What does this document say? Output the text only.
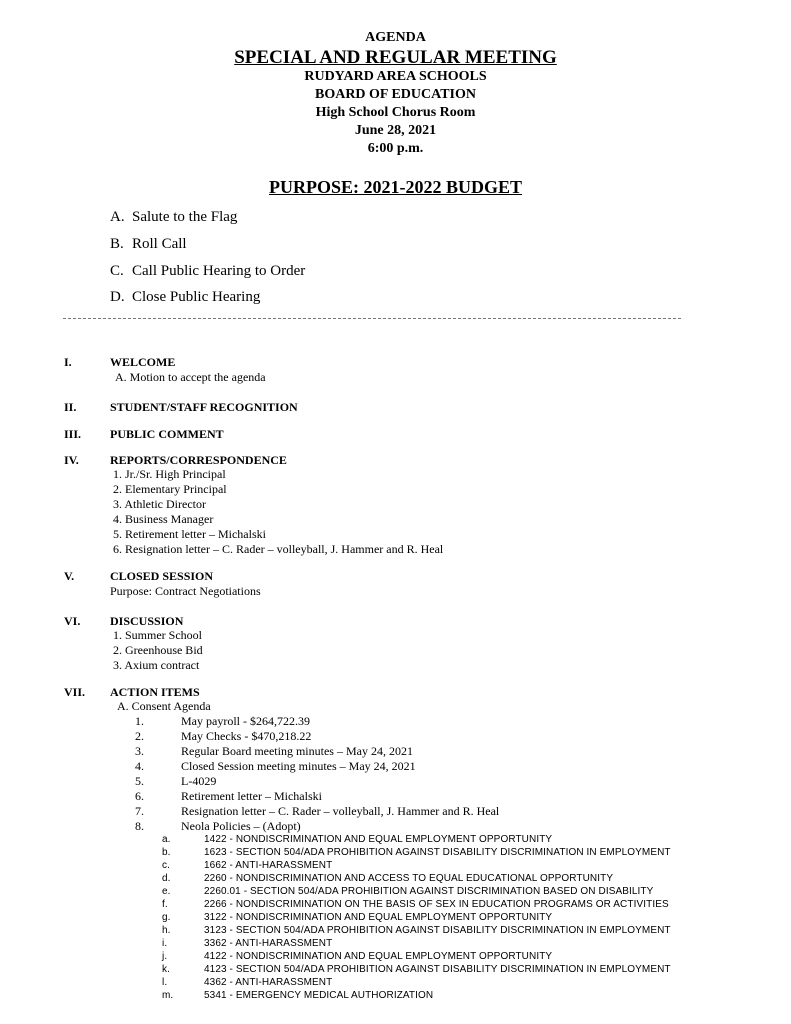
AGENDA
SPECIAL AND REGULAR MEETING
RUDYARD AREA SCHOOLS
BOARD OF EDUCATION
High School Chorus Room
June 28, 2021
6:00 p.m.
PURPOSE: 2021-2022 BUDGET
A. Salute to the Flag
B. Roll Call
C. Call Public Hearing to Order
D. Close Public Hearing
I.	WELCOME
A. Motion to accept the agenda
II.	STUDENT/STAFF RECOGNITION
III. PUBLIC COMMENT
IV.	REPORTS/CORRESPONDENCE
1. Jr./Sr. High Principal
2. Elementary Principal
3. Athletic Director
4. Business Manager
5. Retirement letter – Michalski
6. Resignation letter – C. Rader – volleyball, J. Hammer and R. Heal
V.	CLOSED SESSION
Purpose: Contract Negotiations
VI. DISCUSSION
1. Summer School
2. Greenhouse Bid
3. Axium contract
VII. ACTION ITEMS
A. Consent Agenda
1.	May payroll - $264,722.39
2.	May Checks - $470,218.22
3.	Regular Board meeting minutes – May 24, 2021
4.	Closed Session meeting minutes – May 24, 2021
5.	L-4029
6.	Retirement letter – Michalski
7.	Resignation letter – C. Rader – volleyball, J. Hammer and R. Heal
8.	Neola Policies – (Adopt)
a.	1422 - NONDISCRIMINATION AND EQUAL EMPLOYMENT OPPORTUNITY
b.	1623 - SECTION 504/ADA PROHIBITION AGAINST DISABILITY DISCRIMINATION IN EMPLOYMENT
c.	1662 - ANTI-HARASSMENT
d.	2260 - NONDISCRIMINATION AND ACCESS TO EQUAL EDUCATIONAL OPPORTUNITY
e.	2260.01 - SECTION 504/ADA PROHIBITION AGAINST DISCRIMINATION BASED ON DISABILITY
f.	2266 - NONDISCRIMINATION ON THE BASIS OF SEX IN EDUCATION PROGRAMS OR ACTIVITIES
g.	3122 - NONDISCRIMINATION AND EQUAL EMPLOYMENT OPPORTUNITY
h.	3123 - SECTION 504/ADA PROHIBITION AGAINST DISABILITY DISCRIMINATION IN EMPLOYMENT
i.	3362 - ANTI-HARASSMENT
j.	4122 - NONDISCRIMINATION AND EQUAL EMPLOYMENT OPPORTUNITY
k.	4123 - SECTION 504/ADA PROHIBITION AGAINST DISABILITY DISCRIMINATION IN EMPLOYMENT
l.	4362 - ANTI-HARASSMENT
m.	5341 - EMERGENCY MEDICAL AUTHORIZATION
